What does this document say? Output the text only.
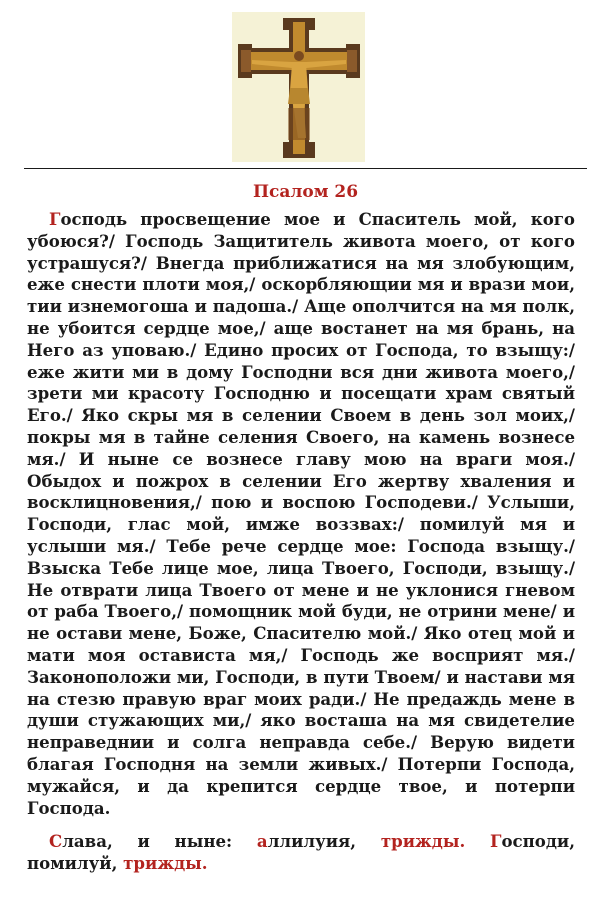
Псалом 26

Господь просвещение мое и Спаситель мой, кого убоюся?/ Господь Защититель живота моего, от кого устрашуся?/ Внегда приближатися на мя злобующим, еже снести плоти моя,/ оскорбляющии мя и врази мои, тии изнемогоша и падоша./ Аще ополчится на мя полк, не убоится сердце мое,/ аще востанет на мя брань, на Него аз уповаю./ Едино просих от Господа, то взыщу:/ еже жити ми в дому Господни вся дни живота моего,/ зрети ми красоту Господню и посещати храм святый Его./ Яко скры мя в селении Своем в день зол моих,/ покры мя в тайне селения Своего, на камень вознесе мя./ И ныне се вознесе главу мою на враги моя./ Обыдох и пожрох в селении Его жертву хваления и восклицновения,/ пою и воспою Господеви./ Услыши, Господи, глас мой, имже воззвах:/ помилуй мя и услыши мя./ Тебе рече сердце мое: Господа взыщу./ Взыска Тебе лице мое, лица Твоего, Господи, взыщу./ Не отврати лица Твоего от мене и не уклонися гневом от раба Твоего,/ помощник мой буди, не отрини мене/ и не остави мене, Боже, Спасителю мой./ Яко отец мой и мати моя остависта мя,/ Господь же восприят мя./ Законоположи ми, Господи, в пути Твоем/ и настави мя на стезю правую враг моих ради./ Не предаждь мене в души стужающих ми,/ яко восташа на мя свидетелие неправеднии и солга неправда себе./ Верую видети благая Господня на земли живых./ Потерпи Господа, мужайся, и да крепится сердце твое, и потерпи Господа.

Слава, и ныне: аллилуия, трижды. Господи, помилуй, трижды.
